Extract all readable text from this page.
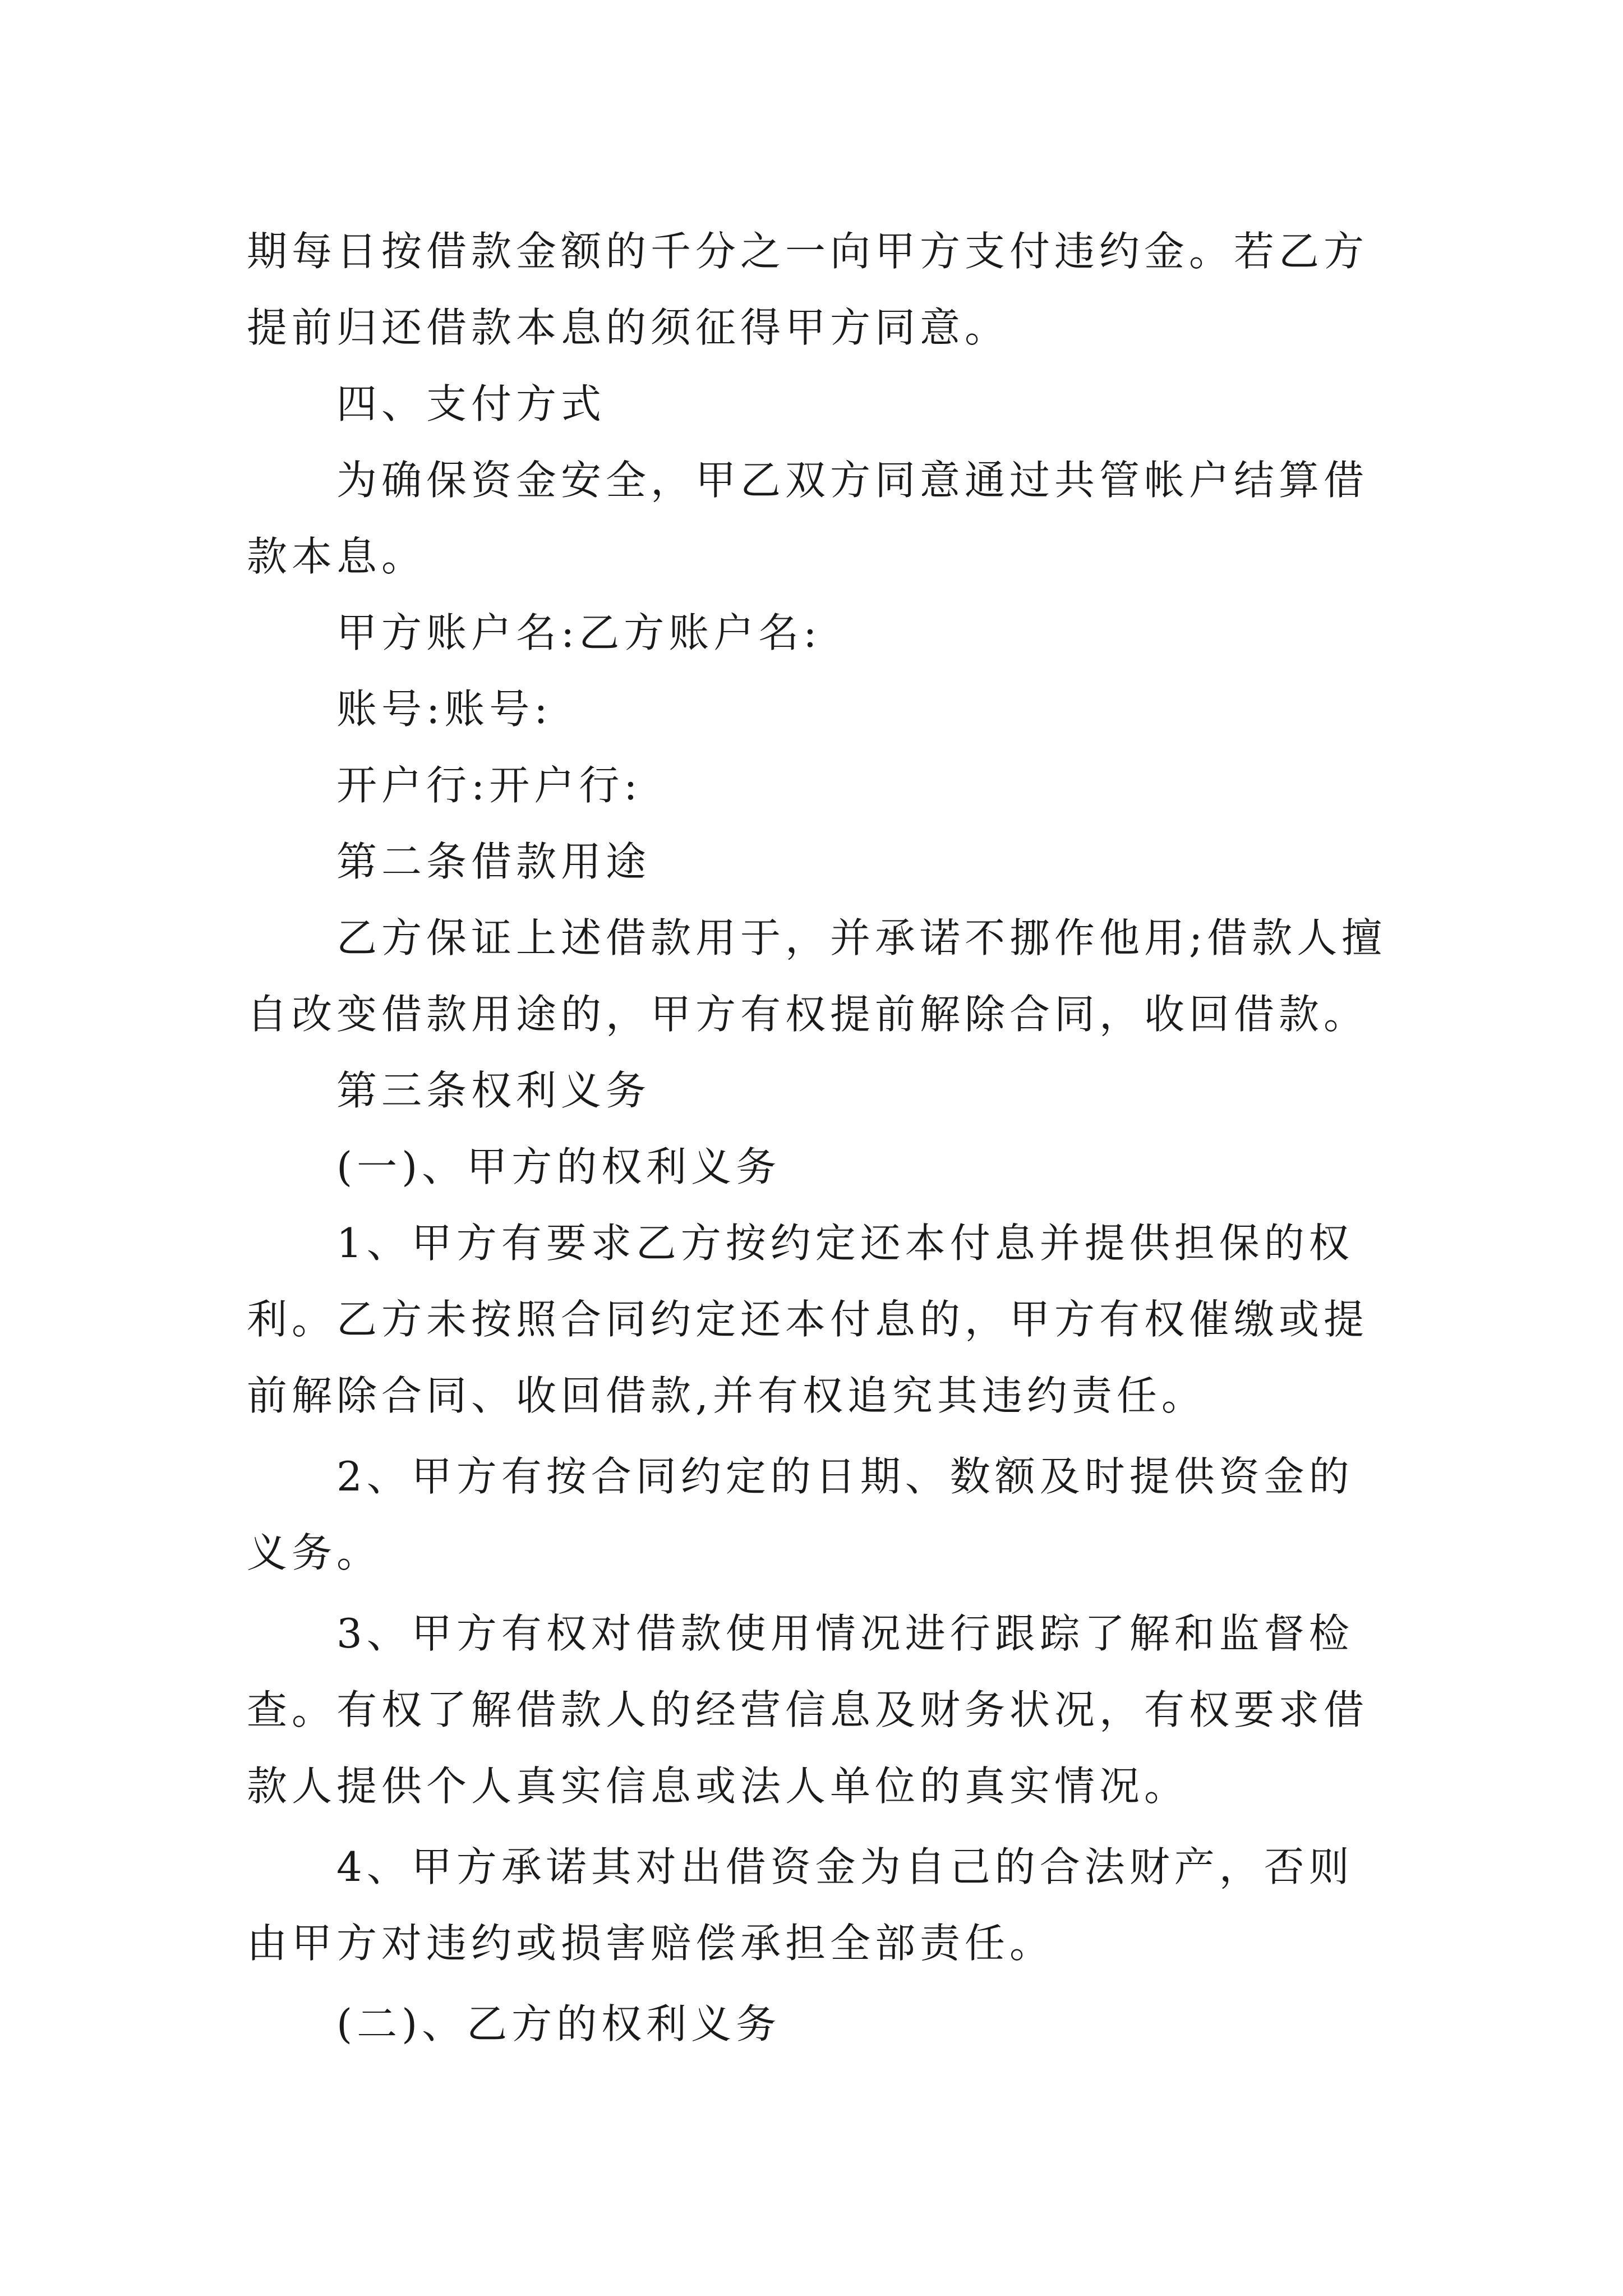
期每日按借款金额的千分之一向甲方支付违约金。若乙方提前归还借款本息的须征得甲方同意。

四、支付方式

为确保资金安全，甲乙双方同意通过共管帐户结算借款本息。

甲方账户名:乙方账户名:

账号:账号:

开户行:开户行:

第二条借款用途

乙方保证上述借款用于，并承诺不挪作他用;借款人擅自改变借款用途的，甲方有权提前解除合同，收回借款。

第三条权利义务

(一)、甲方的权利义务

1、甲方有要求乙方按约定还本付息并提供担保的权利。乙方未按照合同约定还本付息的，甲方有权催缴或提前解除合同、收回借款,并有权追究其违约责任。

2、甲方有按合同约定的日期、数额及时提供资金的义务。

3、甲方有权对借款使用情况进行跟踪了解和监督检查。有权了解借款人的经营信息及财务状况，有权要求借款人提供个人真实信息或法人单位的真实情况。

4、甲方承诺其对出借资金为自己的合法财产，否则由甲方对违约或损害赔偿承担全部责任。

(二)、乙方的权利义务
